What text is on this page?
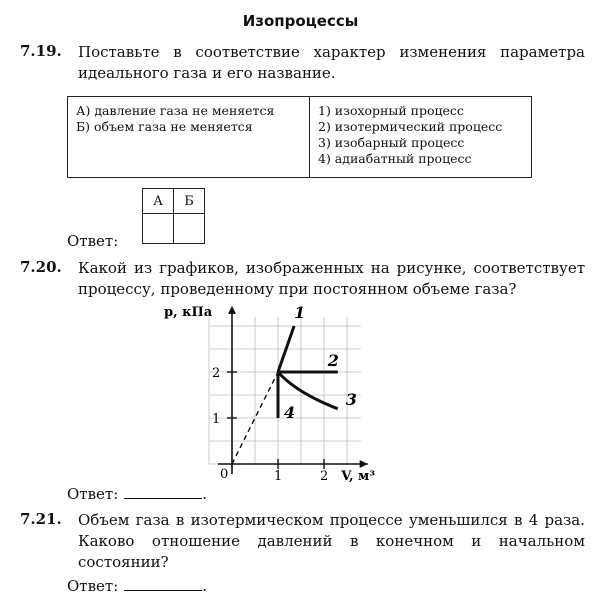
Изопроцессы
7.19. Поставьте в соответствие характер изменения параметра идеального газа и его название.
А) давление газа не меняется
Б) объем газа не меняется

1) изохорный процесс
2) изотермический процесс
3) изобарный процесс
4) адиабатный процесс
А	Б

Ответ:
7.20. Какой из графиков, изображенных на рисунке, соответствует процессу, проведенному при постоянном объеме газа?
1	2
1
2
0
p, кПа
V, м³
1
2
3
4
Ответ:	.
7.21. Объем газа в изотермическом процессе уменьшился в 4 раза. Каково отношение давлений в конечном и начальном состоянии?
Ответ:	.
